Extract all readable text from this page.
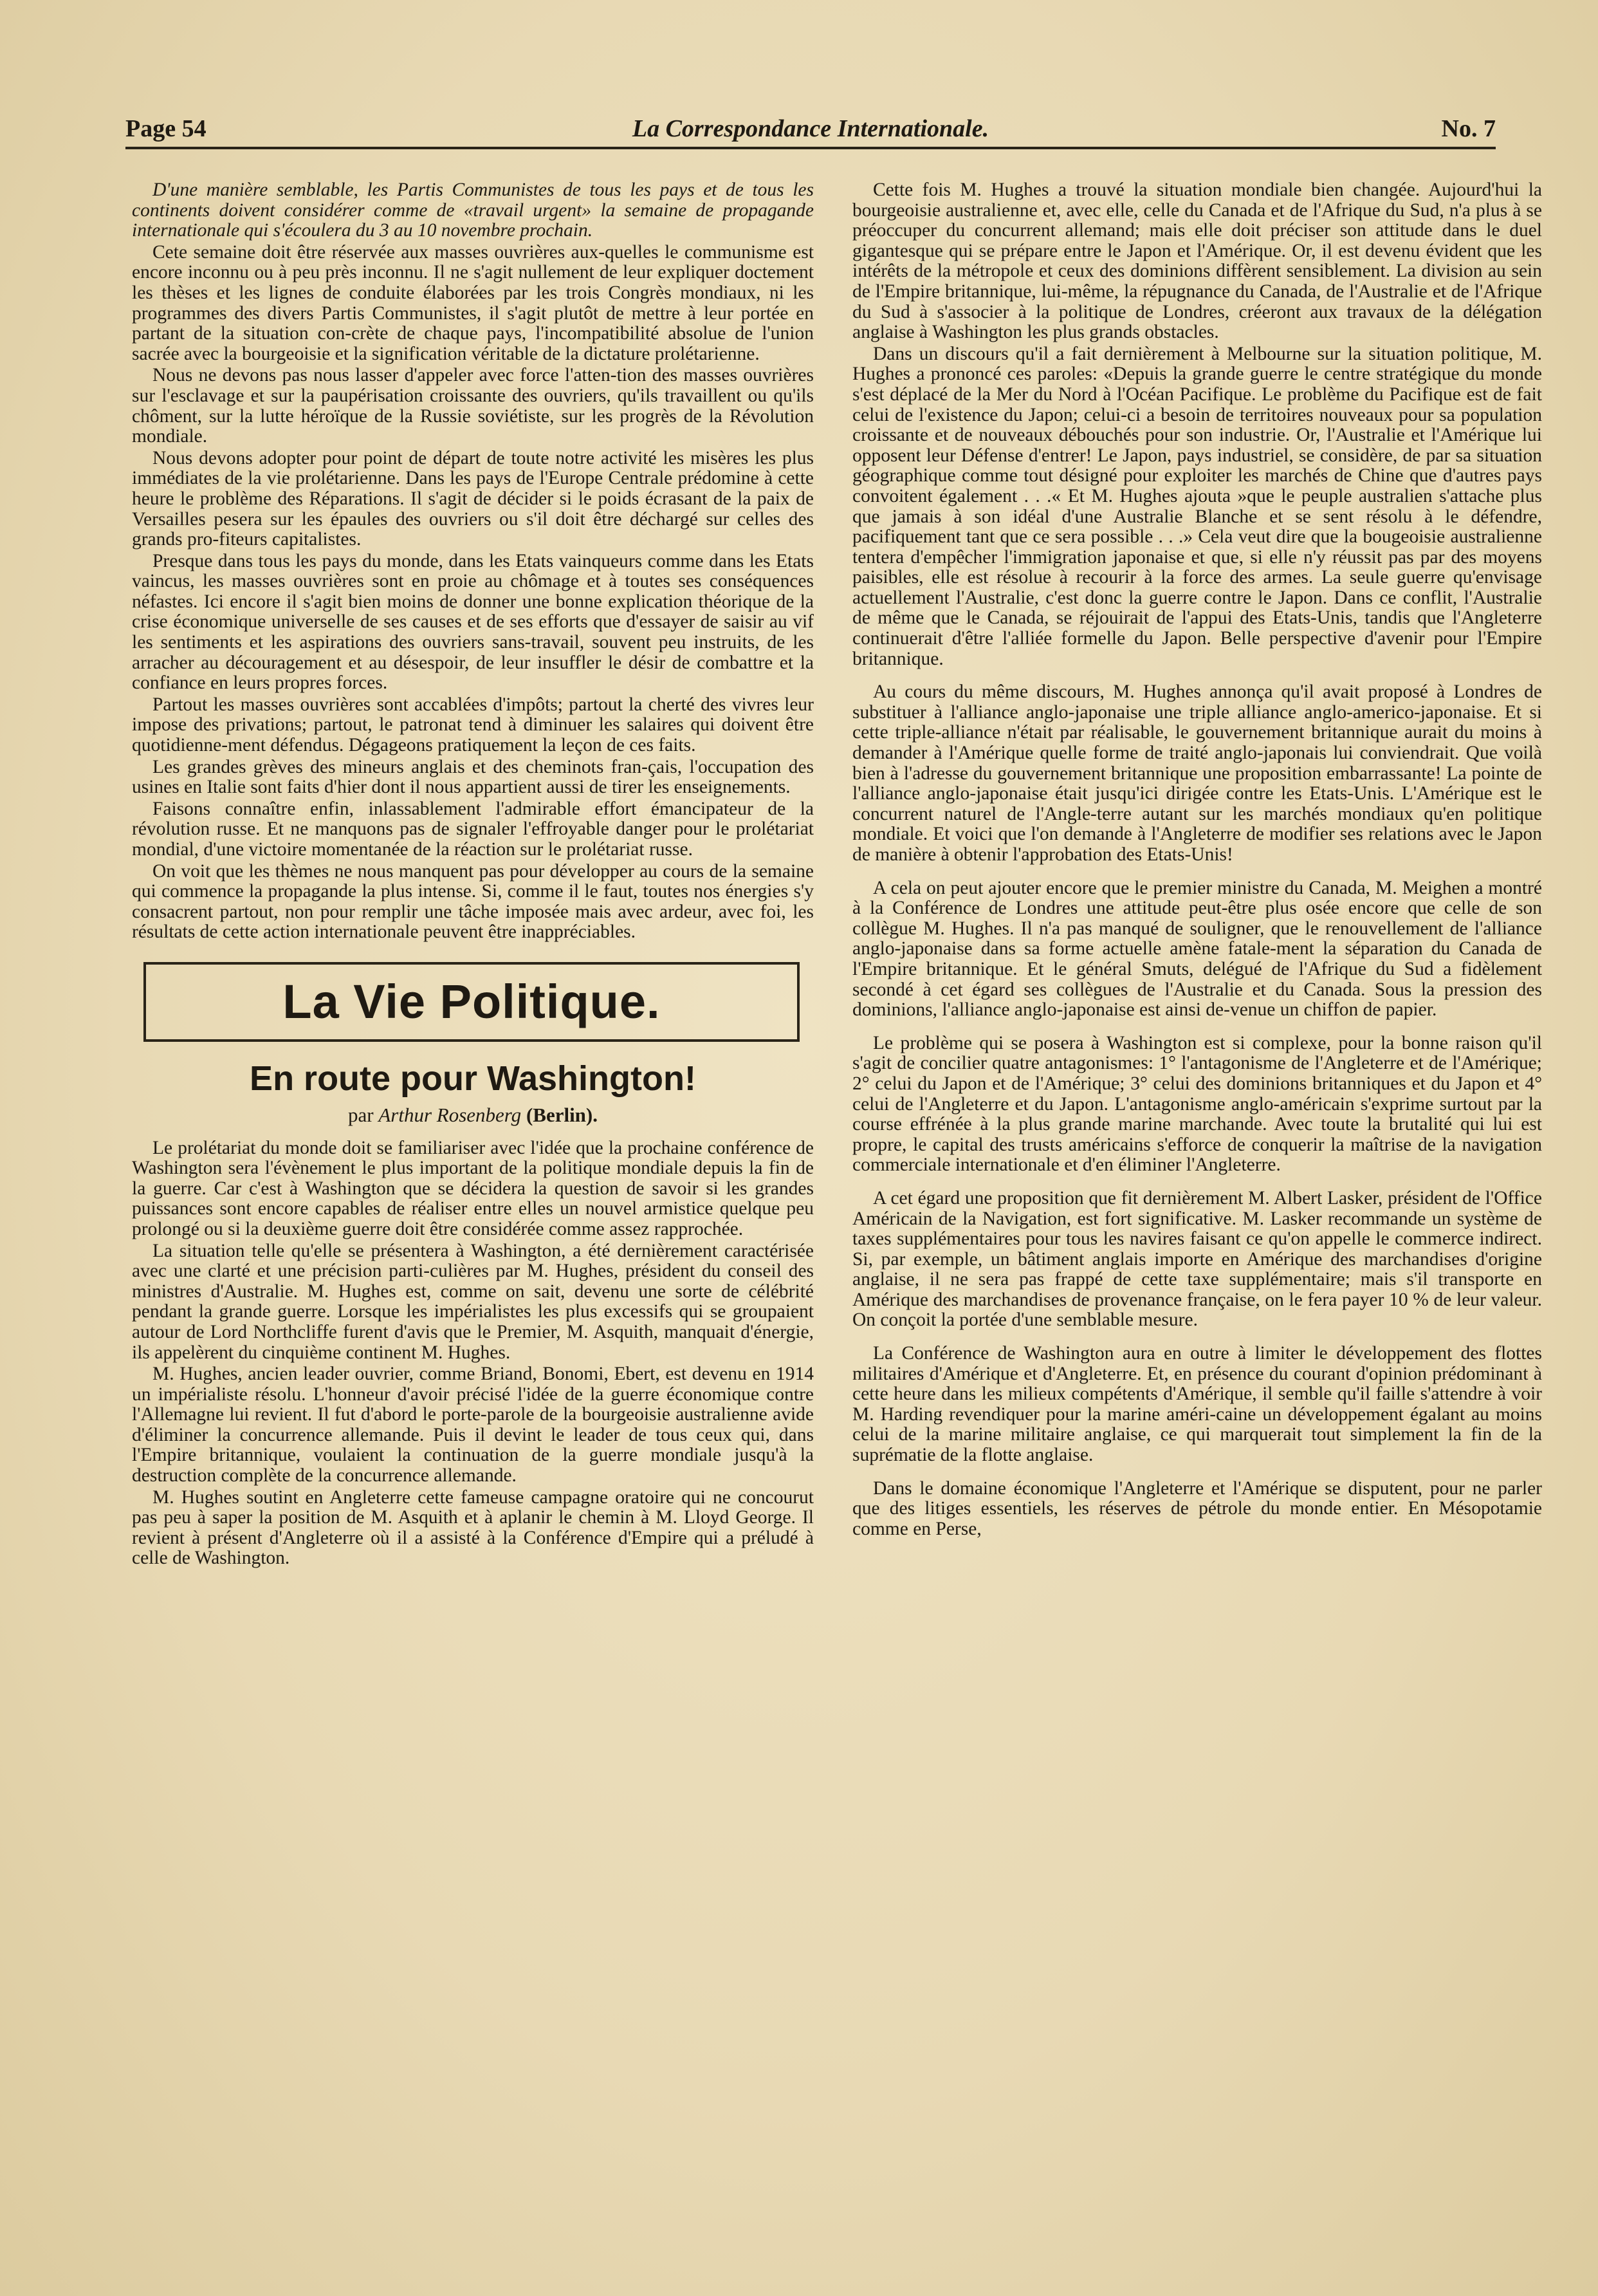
Page 54	La Correspondance Internationale.	No. 7

D'une manière semblable, les Partis Communistes de tous les pays et de tous les continents doivent considérer comme de «travail urgent» la semaine de propagande internationale qui s'écoulera du 3 au 10 novembre prochain.

Cete semaine doit être réservée aux masses ouvrières aux-quelles le communisme est encore inconnu ou à peu près inconnu. Il ne s'agit nullement de leur expliquer doctement les thèses et les lignes de conduite élaborées par les trois Congrès mondiaux, ni les programmes des divers Partis Communistes, il s'agit plutôt de mettre à leur portée en partant de la situation con-crète de chaque pays, l'incompatibilité absolue de l'union sacrée avec la bourgeoisie et la signification véritable de la dictature prolétarienne.

Nous ne devons pas nous lasser d'appeler avec force l'atten-tion des masses ouvrières sur l'esclavage et sur la paupérisation croissante des ouvriers, qu'ils travaillent ou qu'ils chôment, sur la lutte héroïque de la Russie soviétiste, sur les progrès de la Révolution mondiale.

Nous devons adopter pour point de départ de toute notre activité les misères les plus immédiates de la vie prolétarienne. Dans les pays de l'Europe Centrale prédomine à cette heure le problème des Réparations. Il s'agit de décider si le poids écrasant de la paix de Versailles pesera sur les épaules des ouvriers ou s'il doit être déchargé sur celles des grands pro-fiteurs capitalistes.

Presque dans tous les pays du monde, dans les Etats vainqueurs comme dans les Etats vaincus, les masses ouvrières sont en proie au chômage et à toutes ses conséquences néfastes. Ici encore il s'agit bien moins de donner une bonne explication théorique de la crise économique universelle de ses causes et de ses efforts que d'essayer de saisir au vif les sentiments et les aspirations des ouvriers sans-travail, souvent peu instruits, de les arracher au découragement et au désespoir, de leur insuffler le désir de combattre et la confiance en leurs propres forces.

Partout les masses ouvrières sont accablées d'impôts; partout la cherté des vivres leur impose des privations; partout, le patronat tend à diminuer les salaires qui doivent être quotidienne-ment défendus. Dégageons pratiquement la leçon de ces faits.

Les grandes grèves des mineurs anglais et des cheminots fran-çais, l'occupation des usines en Italie sont faits d'hier dont il nous appartient aussi de tirer les enseignements.

Faisons connaître enfin, inlassablement l'admirable effort émancipateur de la révolution russe. Et ne manquons pas de signaler l'effroyable danger pour le prolétariat mondial, d'une victoire momentanée de la réaction sur le prolétariat russe.

On voit que les thèmes ne nous manquent pas pour développer au cours de la semaine qui commence la propagande la plus intense. Si, comme il le faut, toutes nos énergies s'y consacrent partout, non pour remplir une tâche imposée mais avec ardeur, avec foi, les résultats de cette action internationale peuvent être inappréciables.

La Vie Politique.
En route pour Washington!
par Arthur Rosenberg (Berlin).

Le prolétariat du monde doit se familiariser avec l'idée que la prochaine conférence de Washington sera l'évènement le plus important de la politique mondiale depuis la fin de la guerre. Car c'est à Washington que se décidera la question de savoir si les grandes puissances sont encore capables de réaliser entre elles un nouvel armistice quelque peu prolongé ou si la deuxième guerre doit être considérée comme assez rapprochée.

La situation telle qu'elle se présentera à Washington, a été dernièrement caractérisée avec une clarté et une précision parti-culières par M. Hughes, président du conseil des ministres d'Australie. M. Hughes est, comme on sait, devenu une sorte de célébrité pendant la grande guerre. Lorsque les impérialistes les plus excessifs qui se groupaient autour de Lord Northcliffe furent d'avis que le Premier, M. Asquith, manquait d'énergie, ils appelèrent du cinquième continent M. Hughes.

M. Hughes, ancien leader ouvrier, comme Briand, Bonomi, Ebert, est devenu en 1914 un impérialiste résolu. L'honneur d'avoir précisé l'idée de la guerre économique contre l'Allemagne lui revient. Il fut d'abord le porte-parole de la bourgeoisie australienne avide d'éliminer la concurrence allemande. Puis il devint le leader de tous ceux qui, dans l'Empire britannique, voulaient la continuation de la guerre mondiale jusqu'à la destruction complète de la concurrence allemande.

M. Hughes soutint en Angleterre cette fameuse campagne oratoire qui ne concourut pas peu à saper la position de M. Asquith et à aplanir le chemin à M. Lloyd George. Il revient à présent d'Angleterre où il a assisté à la Conférence d'Empire qui a préludé à celle de Washington.

Cette fois M. Hughes a trouvé la situation mondiale bien changée. Aujourd'hui la bourgeoisie australienne et, avec elle, celle du Canada et de l'Afrique du Sud, n'a plus à se préoccuper du concurrent allemand; mais elle doit préciser son attitude dans le duel gigantesque qui se prépare entre le Japon et l'Amérique. Or, il est devenu évident que les intérêts de la métropole et ceux des dominions diffèrent sensiblement. La division au sein de l'Empire britannique, lui-même, la répugnance du Canada, de l'Australie et de l'Afrique du Sud à s'associer à la politique de Londres, créeront aux travaux de la délégation anglaise à Washington les plus grands obstacles.

Dans un discours qu'il a fait dernièrement à Melbourne sur la situation politique, M. Hughes a prononcé ces paroles: «Depuis la grande guerre le centre stratégique du monde s'est déplacé de la Mer du Nord à l'Océan Pacifique. Le problème du Pacifique est de fait celui de l'existence du Japon; celui-ci a besoin de territoires nouveaux pour sa population croissante et de nouveaux débouchés pour son industrie. Or, l'Australie et l'Amérique lui opposent leur Défense d'entrer! Le Japon, pays industriel, se considère, de par sa situation géographique comme tout désigné pour exploiter les marchés de Chine que d'autres pays convoitent également . . .« Et M. Hughes ajouta »que le peuple australien s'attache plus que jamais à son idéal d'une Australie Blanche et se sent résolu à le défendre, pacifiquement tant que ce sera possible . . .» Cela veut dire que la bougeoisie australienne tentera d'empêcher l'immigration japonaise et que, si elle n'y réussit pas par des moyens paisibles, elle est résolue à recourir à la force des armes. La seule guerre qu'envisage actuellement l'Australie, c'est donc la guerre contre le Japon. Dans ce conflit, l'Australie de même que le Canada, se réjouirait de l'appui des Etats-Unis, tandis que l'Angleterre continuerait d'être l'alliée formelle du Japon. Belle perspective d'avenir pour l'Empire britannique.

Au cours du même discours, M. Hughes annonça qu'il avait proposé à Londres de substituer à l'alliance anglo-japonaise une triple alliance anglo-americo-japonaise. Et si cette triple-alliance n'était par réalisable, le gouvernement britannique aurait du moins à demander à l'Amérique quelle forme de traité anglo-japonais lui conviendrait. Que voilà bien à l'adresse du gouvernement britannique une proposition embarrassante! La pointe de l'alliance anglo-japonaise était jusqu'ici dirigée contre les Etats-Unis. L'Amérique est le concurrent naturel de l'Angle-terre autant sur les marchés mondiaux qu'en politique mondiale. Et voici que l'on demande à l'Angleterre de modifier ses relations avec le Japon de manière à obtenir l'approbation des Etats-Unis!

A cela on peut ajouter encore que le premier ministre du Canada, M. Meighen a montré à la Conférence de Londres une attitude peut-être plus osée encore que celle de son collègue M. Hughes. Il n'a pas manqué de souligner, que le renouvellement de l'alliance anglo-japonaise dans sa forme actuelle amène fatale-ment la séparation du Canada de l'Empire britannique. Et le général Smuts, delégué de l'Afrique du Sud a fidèlement secondé à cet égard ses collègues de l'Australie et du Canada. Sous la pression des dominions, l'alliance anglo-japonaise est ainsi de-venue un chiffon de papier.

Le problème qui se posera à Washington est si complexe, pour la bonne raison qu'il s'agit de concilier quatre antagonismes: 1° l'antagonisme de l'Angleterre et de l'Amérique; 2° celui du Japon et de l'Amérique; 3° celui des dominions britanniques et du Japon et 4° celui de l'Angleterre et du Japon. L'antagonisme anglo-américain s'exprime surtout par la course effrénée à la plus grande marine marchande. Avec toute la brutalité qui lui est propre, le capital des trusts américains s'efforce de conquerir la maîtrise de la navigation commerciale internationale et d'en éliminer l'Angleterre.

A cet égard une proposition que fit dernièrement M. Albert Lasker, président de l'Office Américain de la Navigation, est fort significative. M. Lasker recommande un système de taxes supplémentaires pour tous les navires faisant ce qu'on appelle le commerce indirect. Si, par exemple, un bâtiment anglais importe en Amérique des marchandises d'origine anglaise, il ne sera pas frappé de cette taxe supplémentaire; mais s'il transporte en Amérique des marchandises de provenance française, on le fera payer 10 % de leur valeur. On conçoit la portée d'une semblable mesure.

La Conférence de Washington aura en outre à limiter le développement des flottes militaires d'Amérique et d'Angleterre. Et, en présence du courant d'opinion prédominant à cette heure dans les milieux compétents d'Amérique, il semble qu'il faille s'attendre à voir M. Harding revendiquer pour la marine améri-caine un développement égalant au moins celui de la marine militaire anglaise, ce qui marquerait tout simplement la fin de la suprématie de la flotte anglaise.

Dans le domaine économique l'Angleterre et l'Amérique se disputent, pour ne parler que des litiges essentiels, les réserves de pétrole du monde entier. En Mésopotamie comme en Perse,
